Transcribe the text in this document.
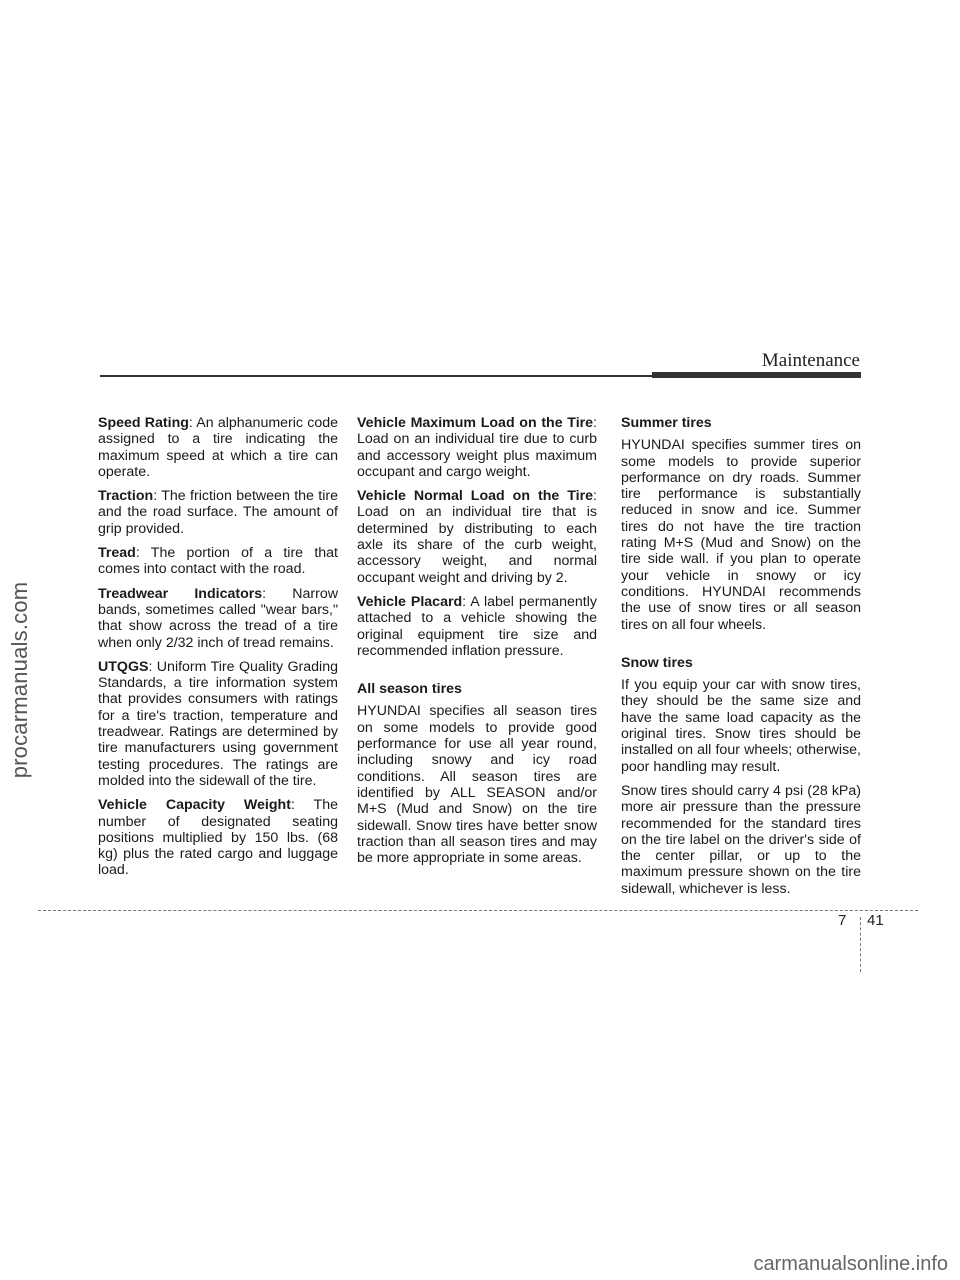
procarmanuals.com
Maintenance

Speed Rating: An alphanumeric code assigned to a tire indicating the maximum speed at which a tire can operate.

Traction: The friction between the tire and the road surface. The amount of grip provided.

Tread: The portion of a tire that comes into contact with the road.

Treadwear Indicators: Narrow bands, sometimes called "wear bars," that show across the tread of a tire when only 2/32 inch of tread remains.

UTQGS: Uniform Tire Quality Grading Standards, a tire information system that provides consumers with ratings for a tire's traction, temperature and treadwear. Ratings are determined by tire manufacturers using government testing procedures. The ratings are molded into the sidewall of the tire.

Vehicle Capacity Weight: The number of designated seating positions multiplied by 150 lbs. (68 kg) plus the rated cargo and luggage load.

Vehicle Maximum Load on the Tire: Load on an individual tire due to curb and accessory weight plus maximum occupant and cargo weight.

Vehicle Normal Load on the Tire: Load on an individual tire that is determined by distributing to each axle its share of the curb weight, accessory weight, and normal occupant weight and driving by 2.

Vehicle Placard: A label permanently attached to a vehicle showing the original equipment tire size and recommended inflation pressure.

All season tires

HYUNDAI specifies all season tires on some models to provide good performance for use all year round, including snowy and icy road conditions. All season tires are identified by ALL SEASON and/or M+S (Mud and Snow) on the tire sidewall. Snow tires have better snow traction than all season tires and may be more appropriate in some areas.

Summer tires

HYUNDAI specifies summer tires on some models to provide superior performance on dry roads. Summer tire performance is substantially reduced in snow and ice. Summer tires do not have the tire traction rating M+S (Mud and Snow) on the tire side wall. if you plan to operate your vehicle in snowy or icy conditions. HYUNDAI recommends the use of snow tires or all season tires on all four wheels.

Snow tires

If you equip your car with snow tires, they should be the same size and have the same load capacity as the original tires. Snow tires should be installed on all four wheels; otherwise, poor handling may result.

Snow tires should carry 4 psi (28 kPa) more air pressure than the pressure recommended for the standard tires on the tire label on the driver's side of the center pillar, or up to the maximum pressure shown on the tire sidewall, whichever is less.

7 41
carmanualsonline.info
